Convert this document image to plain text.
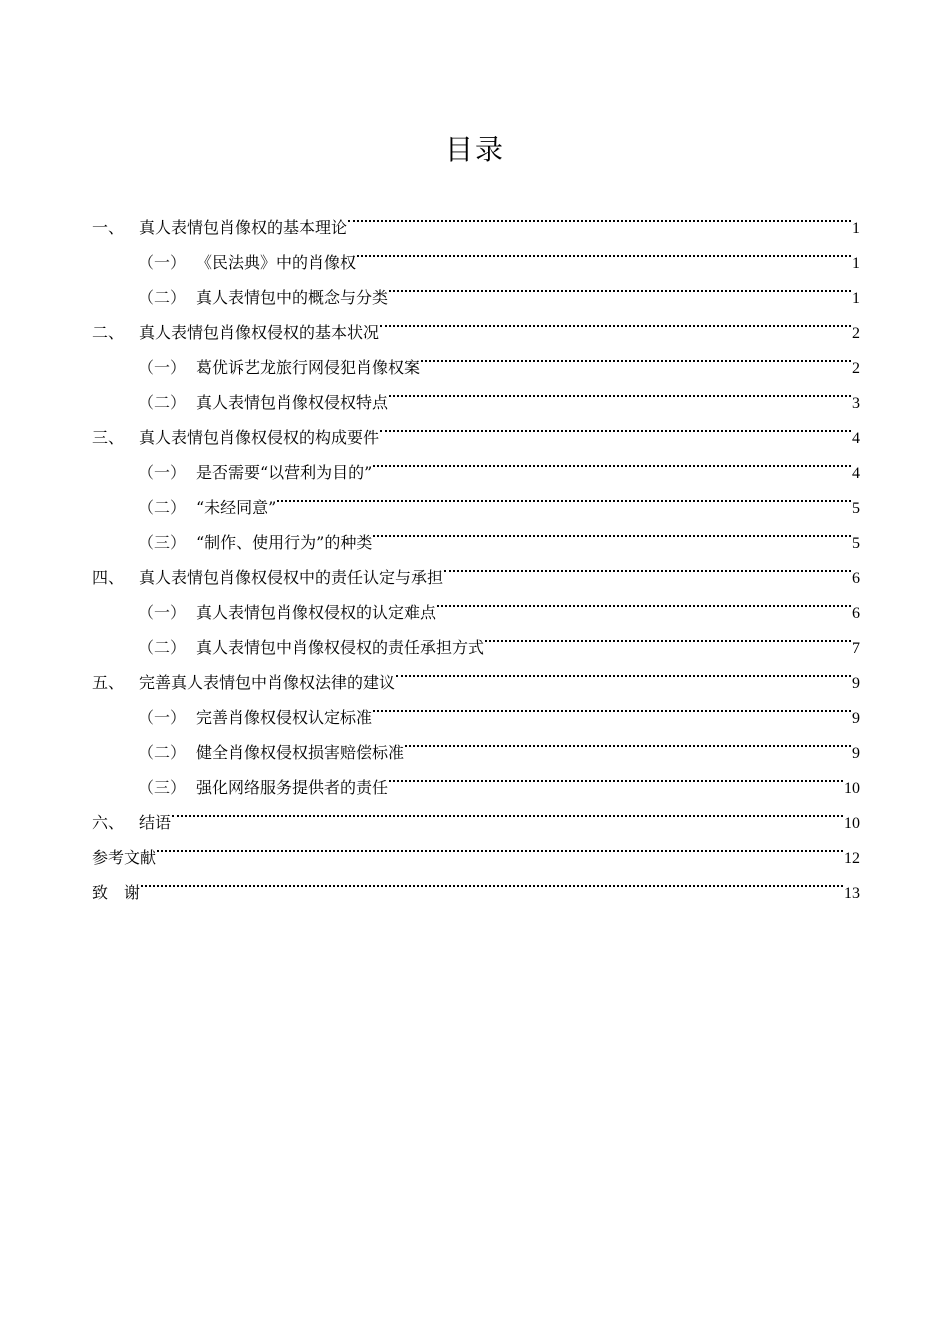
目录
一、 真人表情包肖像权的基本理论	1
（一） 《民法典》中的肖像权	1
（二） 真人表情包中的概念与分类	1
二、 真人表情包肖像权侵权的基本状况	2
（一） 葛优诉艺龙旅行网侵犯肖像权案	2
（二） 真人表情包肖像权侵权特点	3
三、 真人表情包肖像权侵权的构成要件	4
（一） 是否需要“以营利为目的”	4
（二） “未经同意”	5
（三） “制作、使用行为”的种类	5
四、 真人表情包肖像权侵权中的责任认定与承担	6
（一） 真人表情包肖像权侵权的认定难点	6
（二） 真人表情包中肖像权侵权的责任承担方式	7
五、 完善真人表情包中肖像权法律的建议	9
（一） 完善肖像权侵权认定标准	9
（二） 健全肖像权侵权损害赔偿标准	9
（三） 强化网络服务提供者的责任	10
六、 结语	10
参考文献	12
致　谢	13
